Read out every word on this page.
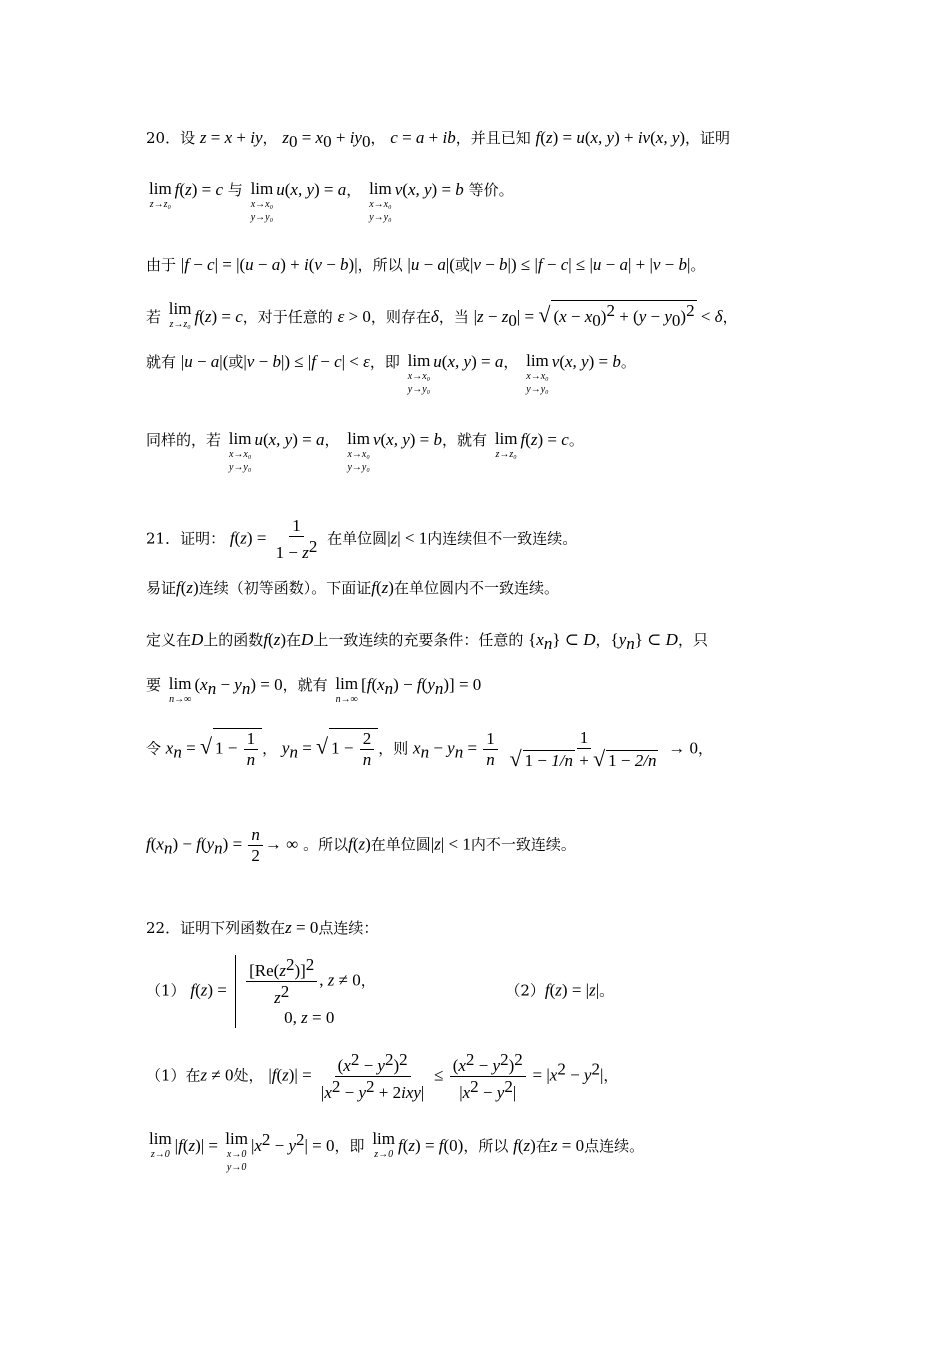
20．设 z = x + iy， $z_0 = x_0 + iy_0$， c = a + ib，并且已知 f(z) = u(x, y) + iv(x, y)，证明
lim
z→z₀
f(z) = c 与 lim
x→x₀
y→y₀
u(x, y) = a， lim
x→x₀
y→y₀
v(x, y) = b 等价。
由于 |f − c| = |(u − a) + i(v − b)|，所以 |u − a|(或|v − b|) ≤ |f − c| ≤ |u − a| + |v − b|。
若 lim
z→z₀ f(z) = c，对于任意的 ε > 0，则存在δ，当 $|z - z_0|$ = √ $(x - x_0)^2 + (y - y_0)^2 < \delta$，
就有 |u − a|(或|v − b|) ≤ |f − c| < ε，即 lim
x→x₀
y→y₀
u(x, y) = a， lim
x→x₀
y→y₀
v(x, y) = b。
同样的，若 lim
x→x₀
y→y₀
u(x, y) = a， lim
x→x₀
y→y₀
v(x, y) = b，就有 lim
z→z₀
f(z) = c。
21．证明： $f(z) = \frac{1}{1 - z^2}$ 在单位圆|z| < 1内连续但不一致连续。
易证f(z)连续（初等函数）。下面证f(z)在单位圆内不一致连续。
定义在D上的函数f(z)在D上一致连续的充要条件：任意的 $\{x_n\}$ ⊂ D，$\{y_n\}$ ⊂ D，只
要 lim
n→∞
$(x_n - y_n) = 0$，就有 lim
n→∞
$[f(x_n) - f(y_n)] = 0$
令 $x_n$ = √ $1 - \frac{1}{n}$ ， $y_n$ = √ $1 - \frac{2}{n}$ ，则 $x_n - y_n = \frac{1}{n}$
$\frac{1}{√ 1 - 1/n + √ 1 - 2/n} \to 0$，
$f(x_n) - f(y_n) = \frac{n}{2}$ → ∞ 。所以f(z)在单位圆|z| < 1内不一致连续。
22．证明下列函数在z = 0点连续：
（1） $f(z) = \frac{[Re(z^2)]^2}{z^2}$ , z ≠ 0，
0, z = 0
（2）f(z) = |z|。
（1）在z ≠ 0处， $|f(z)| = \frac{(x^2 - y^2)^2}{|x^2 - y^2 + 2ixy|} \le \frac{(x^2 - y^2)^2}{|x^2 - y^2|} = |x^2 - y^2|$，
lim
z→0 |f(z)| = lim
x→0
y→0
$|x^2 - y^2| = 0$，即 lim
z→0 f(z) = f(0)，所以 f(z)在z = 0点连续。
